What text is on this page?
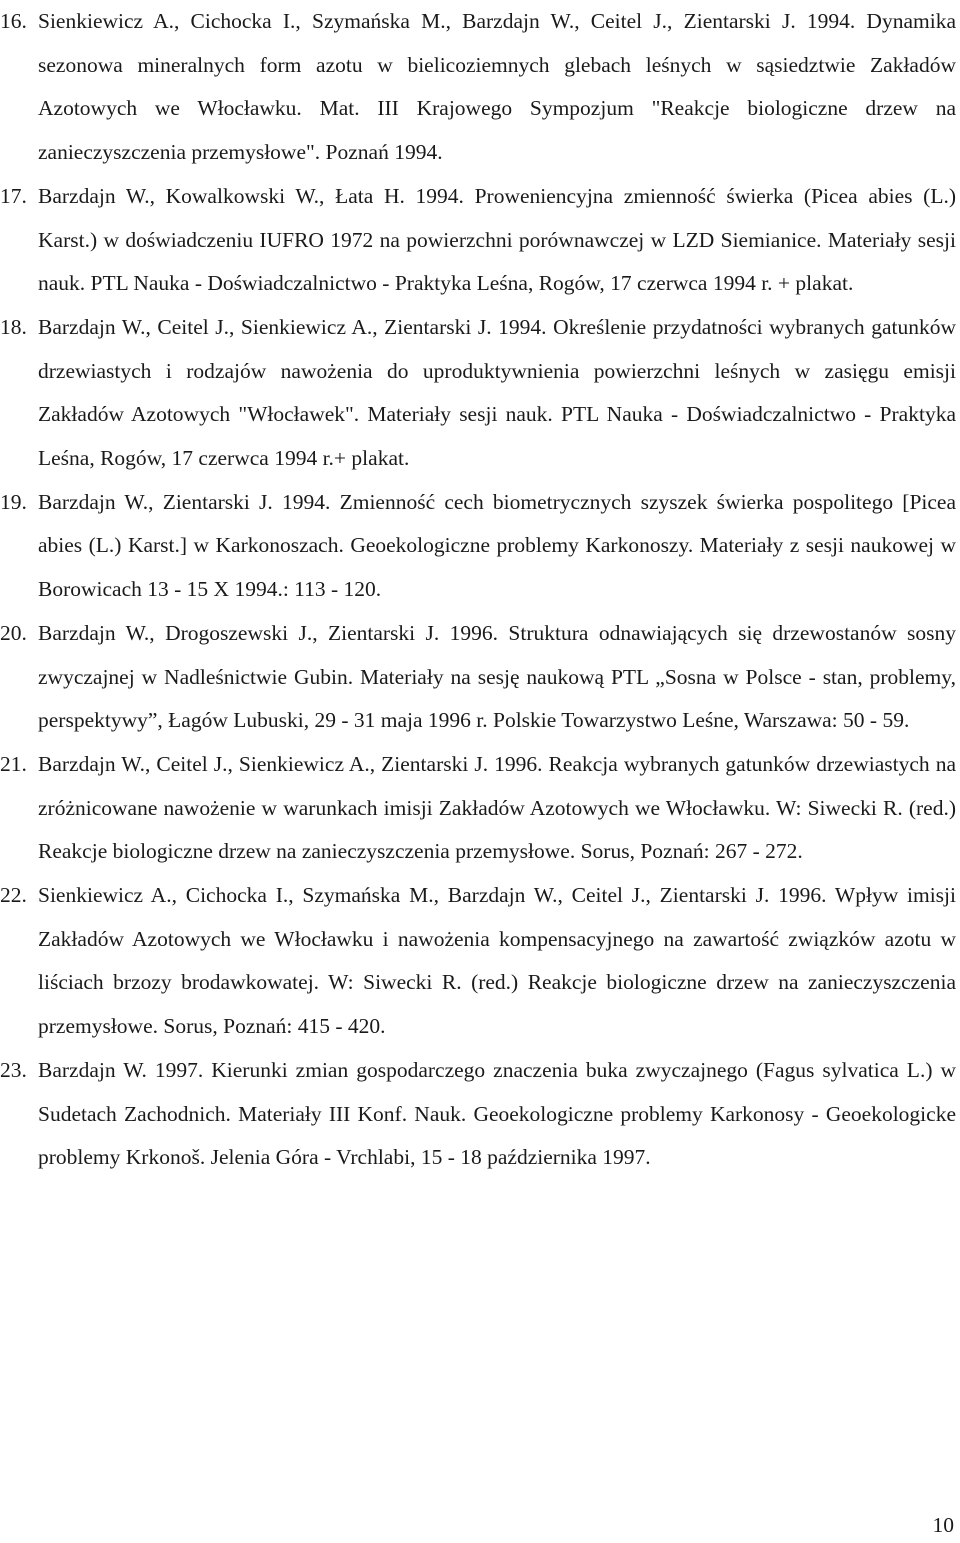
16. Sienkiewicz A., Cichocka I., Szymańska M., Barzdajn W., Ceitel J., Zientarski J. 1994. Dynamika sezonowa mineralnych form azotu w bielicoziemnych glebach leśnych w sąsiedztwie Zakładów Azotowych we Włocławku. Mat. III Krajowego Sympozjum "Reakcje biologiczne drzew na zanieczyszczenia przemysłowe". Poznań 1994.
17. Barzdajn W., Kowalkowski W., Łata H. 1994. Proweniencyjna zmienność świerka (Picea abies (L.) Karst.) w doświadczeniu IUFRO 1972 na powierzchni porównawczej w LZD Siemianice. Materiały sesji nauk. PTL Nauka - Doświadczalnictwo - Praktyka Leśna, Rogów, 17 czerwca 1994 r. + plakat.
18. Barzdajn W., Ceitel J., Sienkiewicz A., Zientarski J. 1994. Określenie przydatności wybranych gatunków drzewiastych i rodzajów nawożenia do uproduktywnienia powierzchni leśnych w zasięgu emisji Zakładów Azotowych "Włocławek". Materiały sesji nauk. PTL Nauka - Doświadczalnictwo - Praktyka Leśna, Rogów, 17 czerwca 1994 r.+ plakat.
19. Barzdajn W., Zientarski J. 1994. Zmienność cech biometrycznych szyszek świerka pospolitego [Picea abies (L.) Karst.] w Karkonoszach. Geoekologiczne problemy Karkonoszy. Materiały z sesji naukowej w Borowicach 13 - 15 X 1994.: 113 - 120.
20. Barzdajn W., Drogoszewski J., Zientarski J. 1996. Struktura odnawiających się drzewostanów sosny zwyczajnej w Nadleśnictwie Gubin. Materiały na sesję naukową PTL „Sosna w Polsce - stan, problemy, perspektywy”, Łagów Lubuski, 29 - 31 maja 1996 r. Polskie Towarzystwo Leśne, Warszawa: 50 - 59.
21. Barzdajn W., Ceitel J., Sienkiewicz A., Zientarski J. 1996. Reakcja wybranych gatunków drzewiastych na zróżnicowane nawożenie w warunkach imisji Zakładów Azotowych we Włocławku. W: Siwecki R. (red.) Reakcje biologiczne drzew na zanieczyszczenia przemysłowe. Sorus, Poznań: 267 - 272.
22. Sienkiewicz A., Cichocka I., Szymańska M., Barzdajn W., Ceitel J., Zientarski J. 1996. Wpływ imisji Zakładów Azotowych we Włocławku i nawożenia kompensacyjnego na zawartość związków azotu w liściach brzozy brodawkowatej. W: Siwecki R. (red.) Reakcje biologiczne drzew na zanieczyszczenia przemysłowe. Sorus, Poznań: 415 - 420.
23. Barzdajn W. 1997. Kierunki zmian gospodarczego znaczenia buka zwyczajnego (Fagus sylvatica L.) w Sudetach Zachodnich. Materiały III Konf. Nauk. Geoekologiczne problemy Karkonosy - Geoekologicke problemy Krkonoš. Jelenia Góra - Vrchlabi, 15 - 18 października 1997.
10
